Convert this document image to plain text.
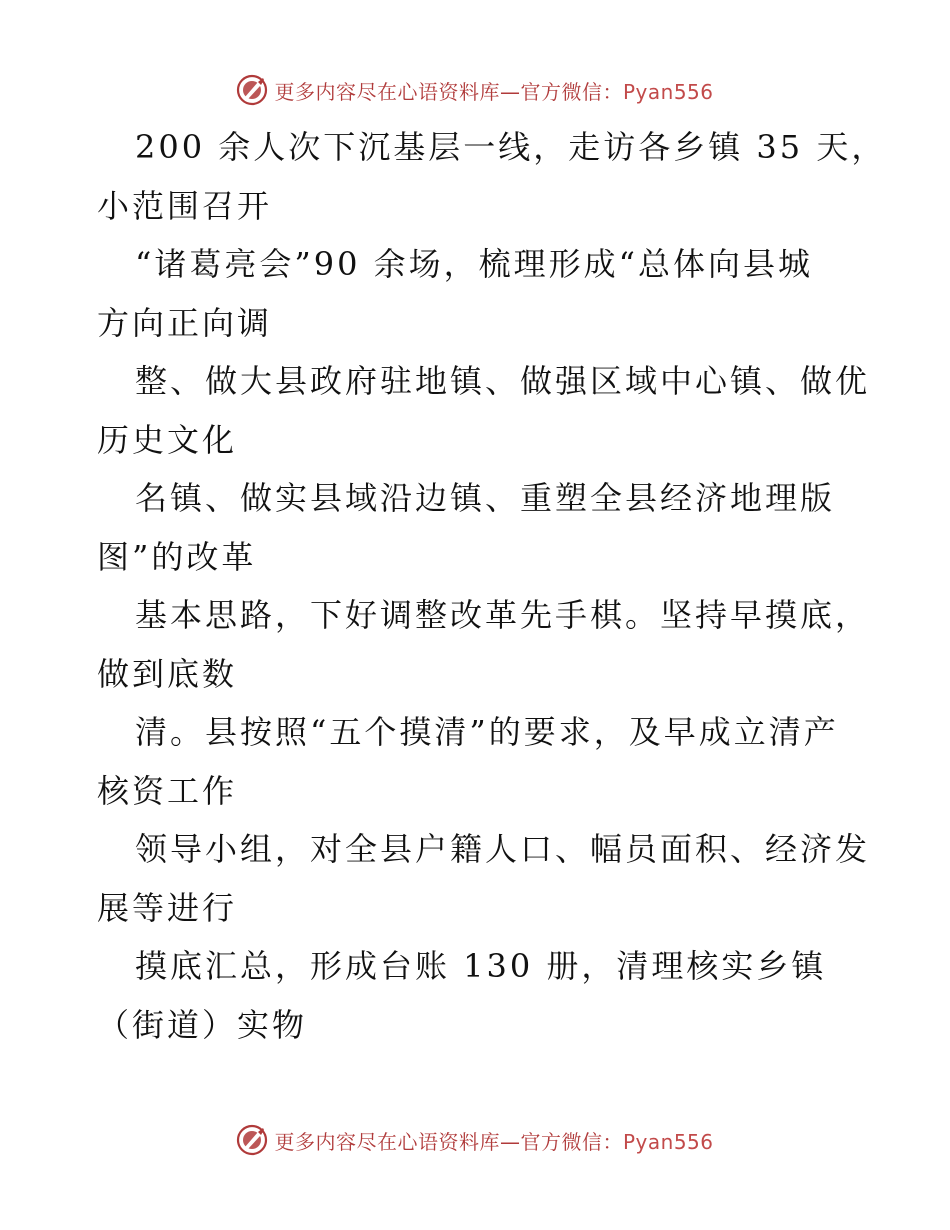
更多内容尽在心语资料库—官方微信：Pyan556
200 余人次下沉基层一线，走访各乡镇 35 天，
小范围召开
“诸葛亮会”90 余场，梳理形成“总体向县城
方向正向调
整、做大县政府驻地镇、做强区域中心镇、做优
历史文化
名镇、做实县域沿边镇、重塑全县经济地理版
图”的改革
基本思路，下好调整改革先手棋。坚持早摸底，
做到底数
清。县按照“五个摸清”的要求，及早成立清产
核资工作
领导小组，对全县户籍人口、幅员面积、经济发
展等进行
摸底汇总，形成台账 130 册，清理核实乡镇
（街道）实物
更多内容尽在心语资料库—官方微信：Pyan556
